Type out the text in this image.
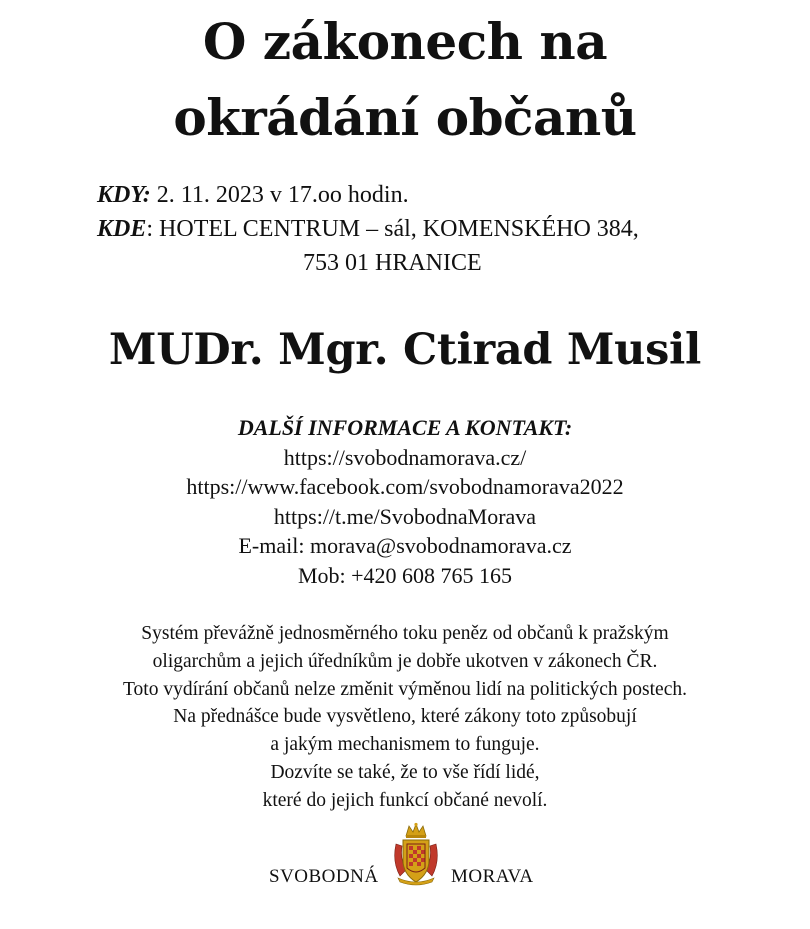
O zákonech na
okrádání občanů
KDY: 2. 11. 2023 v 17.oo hodin.
KDE: HOTEL CENTRUM – sál, KOMENSKÉHO 384,
753 01 HRANICE
MUDr. Mgr. Ctirad Musil
DALŠÍ INFORMACE A KONTAKT:
https://svobodnamorava.cz/
https://www.facebook.com/svobodnamorava2022
https://t.me/SvobodnaMorava
E-mail: morava@svobodnamorava.cz
Mob: +420 608 765 165
Systém převážně jednosměrného toku peněz od občanů k pražským
oligarchům a jejich úředníkům je dobře ukotven v zákonech ČR.
Toto vydírání občanů nelze změnit výměnou lidí na politických postech.
Na přednášce bude vysvětleno, které zákony toto způsobují
a jakým mechanismem to funguje.
Dozvíte se také, že to vše řídí lidé,
které do jejich funkcí občané nevolí.
SVOBODNÁ	MORAVA
